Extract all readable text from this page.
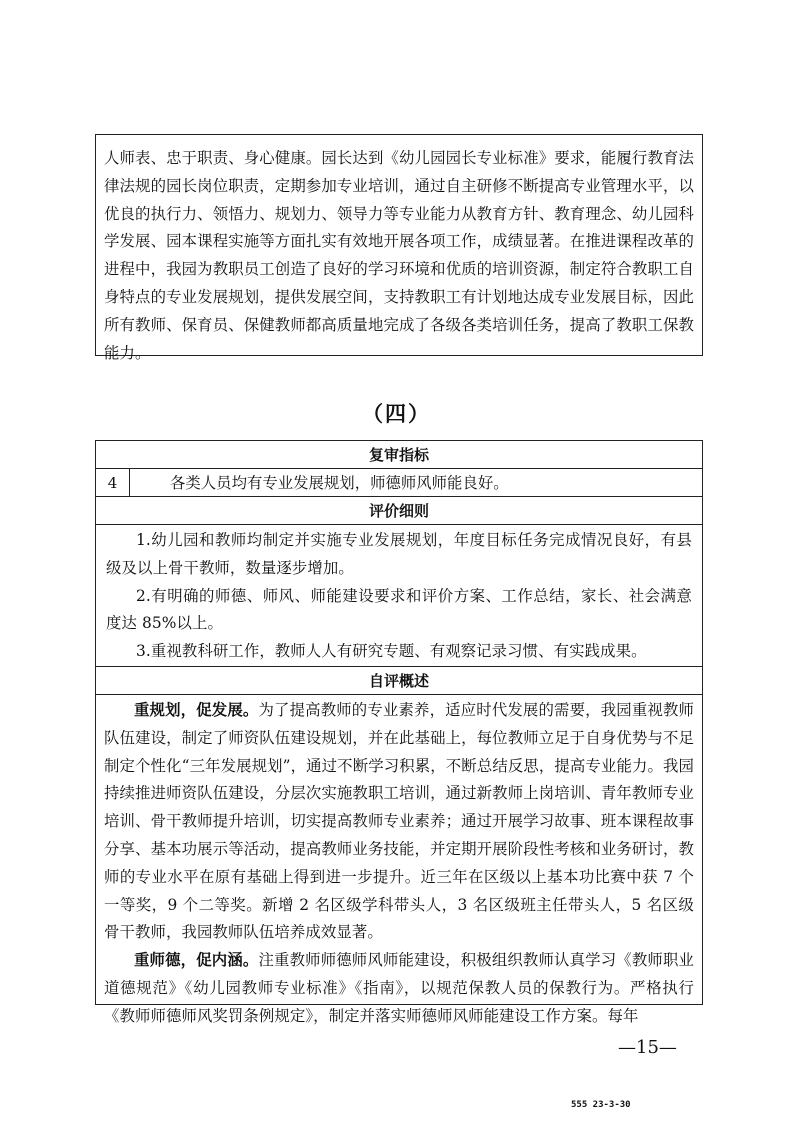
人师表、忠于职责、身心健康。园长达到《幼儿园园长专业标准》要求，能履行教育法律法规的园长岗位职责，定期参加专业培训，通过自主研修不断提高专业管理水平，以优良的执行力、领悟力、规划力、领导力等专业能力从教育方针、教育理念、幼儿园科学发展、园本课程实施等方面扎实有效地开展各项工作，成绩显著。在推进课程改革的进程中，我园为教职员工创造了良好的学习环境和优质的培训资源，制定符合教职工自身特点的专业发展规划，提供发展空间，支持教职工有计划地达成专业发展目标，因此所有教师、保育员、保健教师都高质量地完成了各级各类培训任务，提高了教职工保教能力。
（四）
复审指标
4	各类人员均有专业发展规划，师德师风师能良好。
评价细则

1.幼儿园和教师均制定并实施专业发展规划，年度目标任务完成情况良好，有县级及以上骨干教师，数量逐步增加。

2.有明确的师德、师风、师能建设要求和评价方案、工作总结，家长、社会满意度达 85%以上。

3.重视教科研工作，教师人人有研究专题、有观察记录习惯、有实践成果。

自评概述

重规划，促发展。为了提高教师的专业素养，适应时代发展的需要，我园重视教师队伍建设，制定了师资队伍建设规划，并在此基础上，每位教师立足于自身优势与不足制定个性化“三年发展规划”，通过不断学习积累，不断总结反思，提高专业能力。我园持续推进师资队伍建设，分层次实施教职工培训，通过新教师上岗培训、青年教师专业培训、骨干教师提升培训，切实提高教师专业素养；通过开展学习故事、班本课程故事分享、基本功展示等活动，提高教师业务技能，并定期开展阶段性考核和业务研讨，教师的专业水平在原有基础上得到进一步提升。近三年在区级以上基本功比赛中获 7 个一等奖，9 个二等奖。新增 2 名区级学科带头人，3 名区级班主任带头人，5 名区级骨干教师，我园教师队伍培养成效显著。

重师德，促内涵。注重教师师德师风师能建设，积极组织教师认真学习《教师职业道德规范》《幼儿园教师专业标准》《指南》，以规范保教人员的保教行为。严格执行《教师师德师风奖罚条例规定》，制定并落实师德师风师能建设工作方案。每年

—15—
555 23-3-30
